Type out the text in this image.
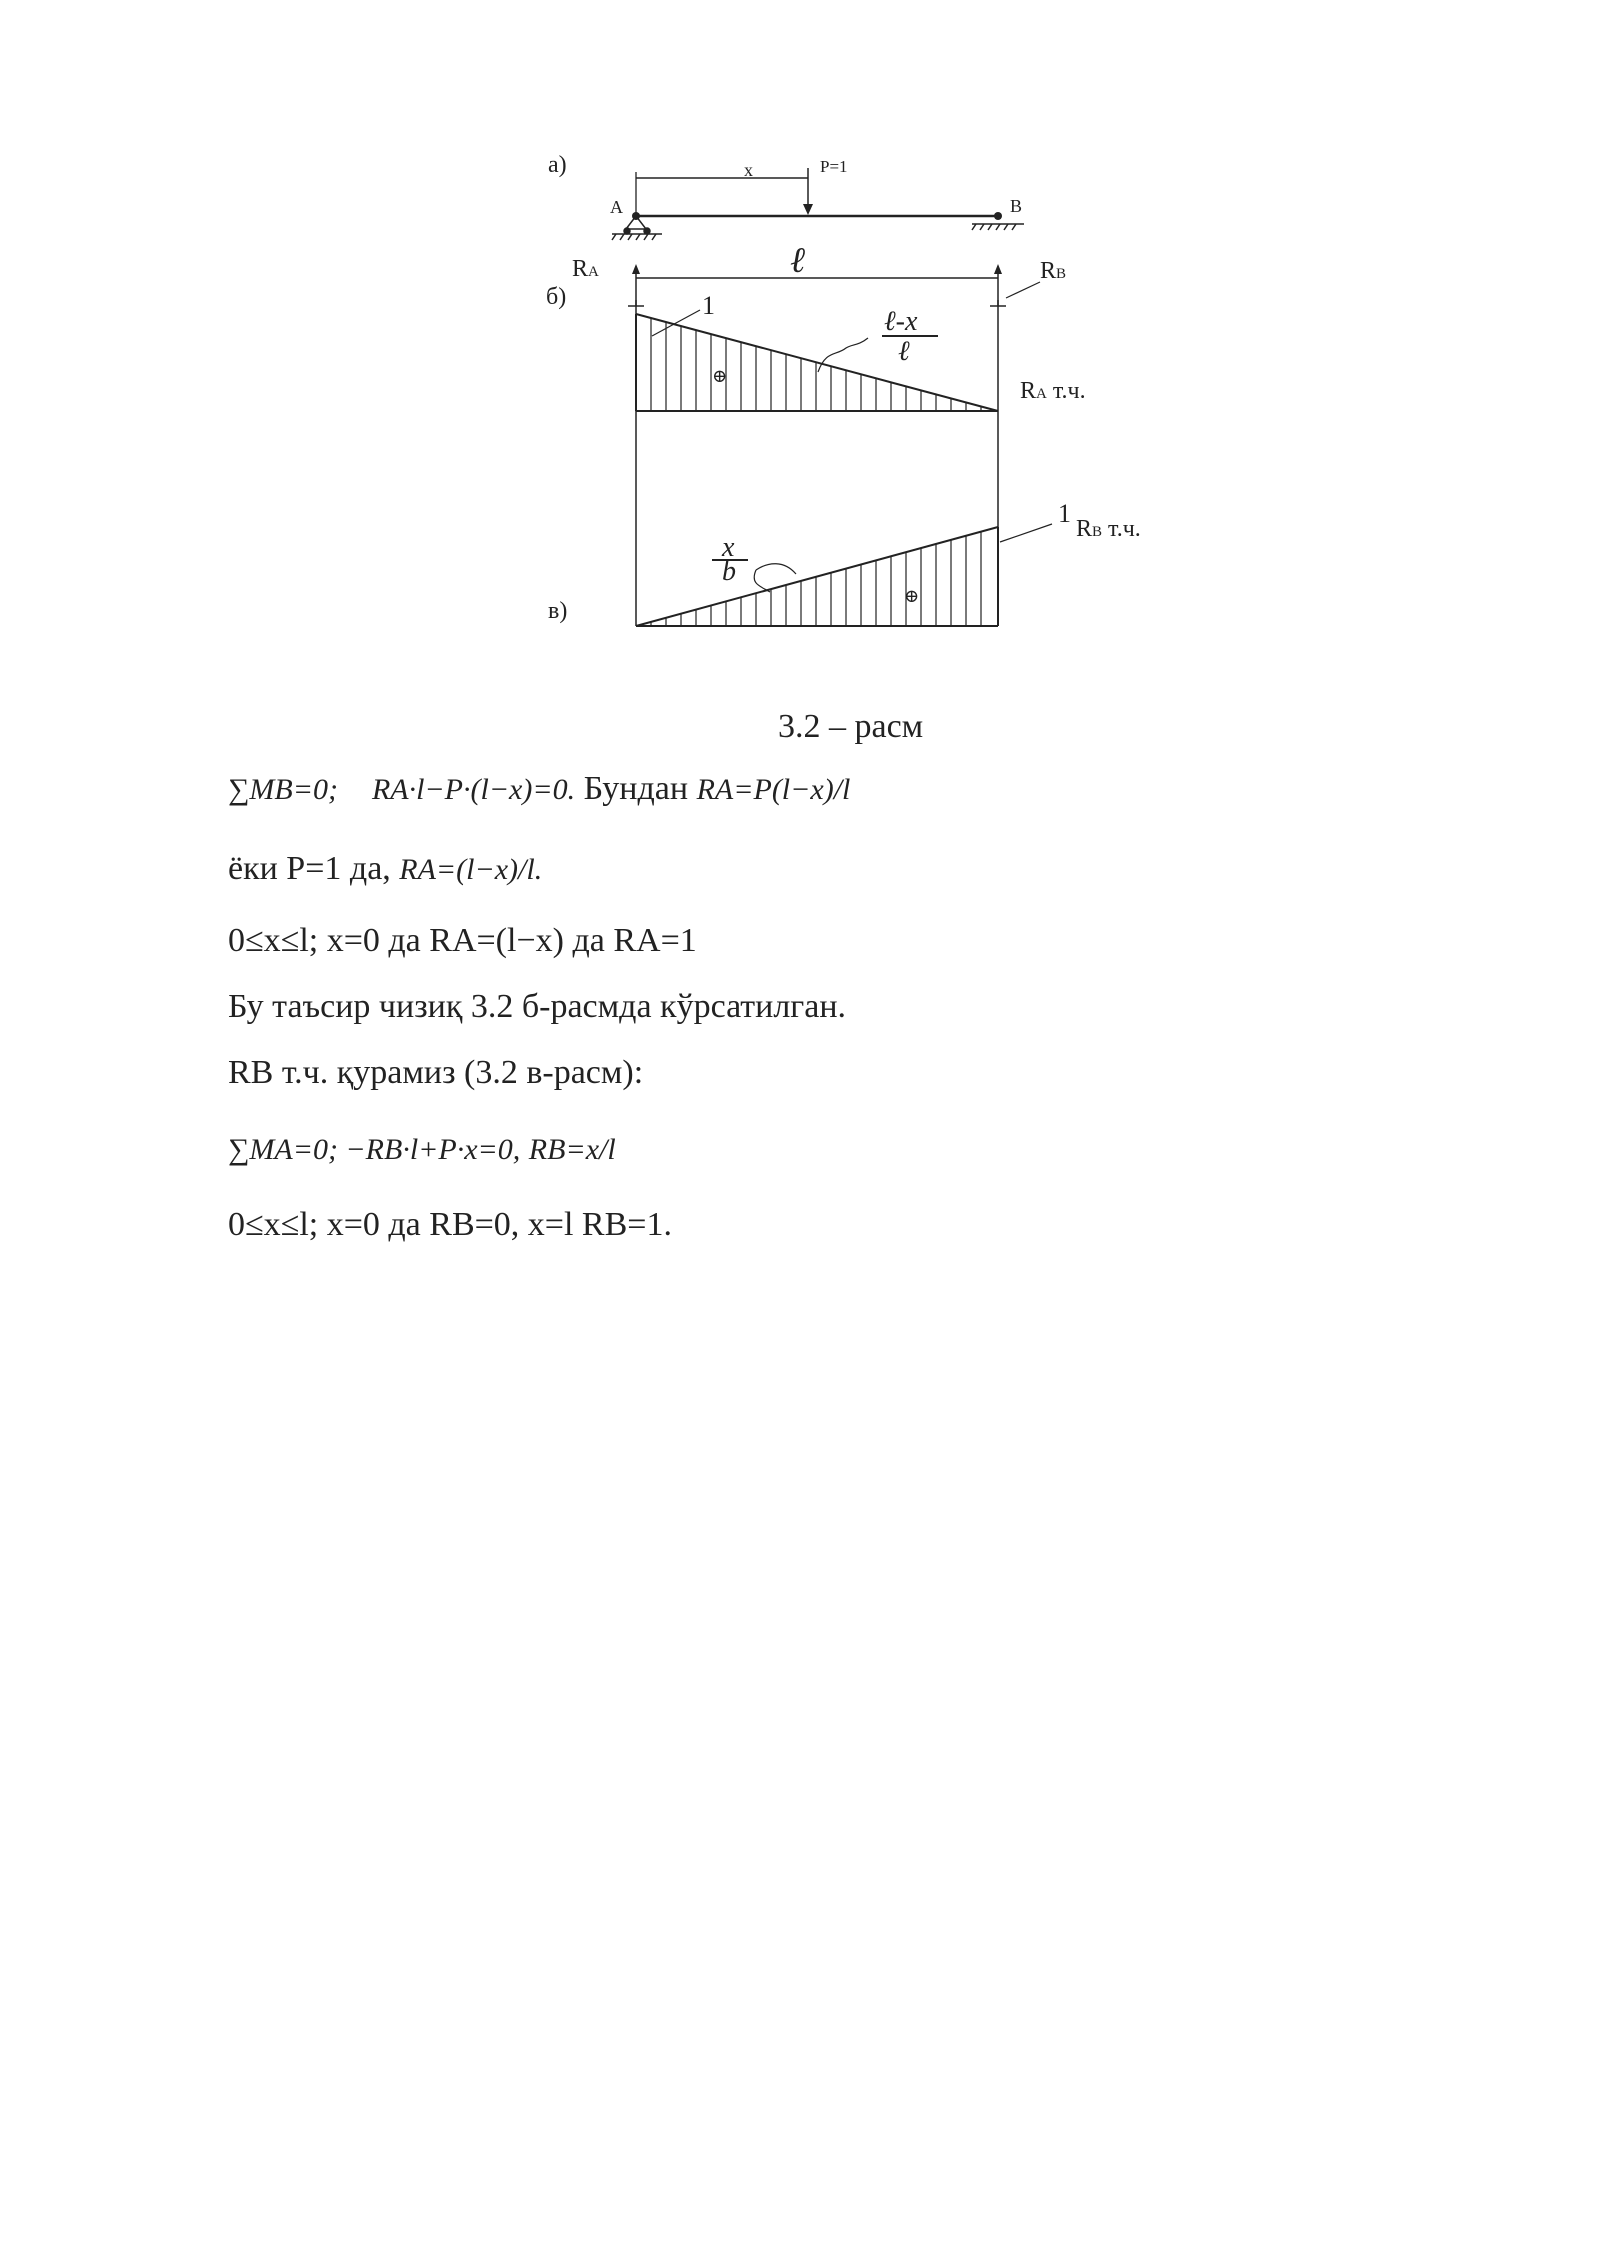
а)	x	P=1
A	B
RA	RB
ℓ
б)
⊕
1
ℓ-x
ℓ
RA т.ч.
⊕
1
RB т.ч.
x
b
в)
3.2 – расм
∑MB=0; RA·l−P·(l−x)=0. Бундан RA=P(l−x)/l
ёки P=1 да, RA=(l−x)/l.
0≤x≤l; x=0 да RA=(l−x) да RA=1
Бу таъсир чизиқ 3.2 б-расмда кўрсатилган.
RB т.ч. қурамиз (3.2 в-расм):
∑MA=0; −RB·l+P·x=0, RB=x/l
0≤x≤l; x=0 да RB=0, x=l RB=1.
